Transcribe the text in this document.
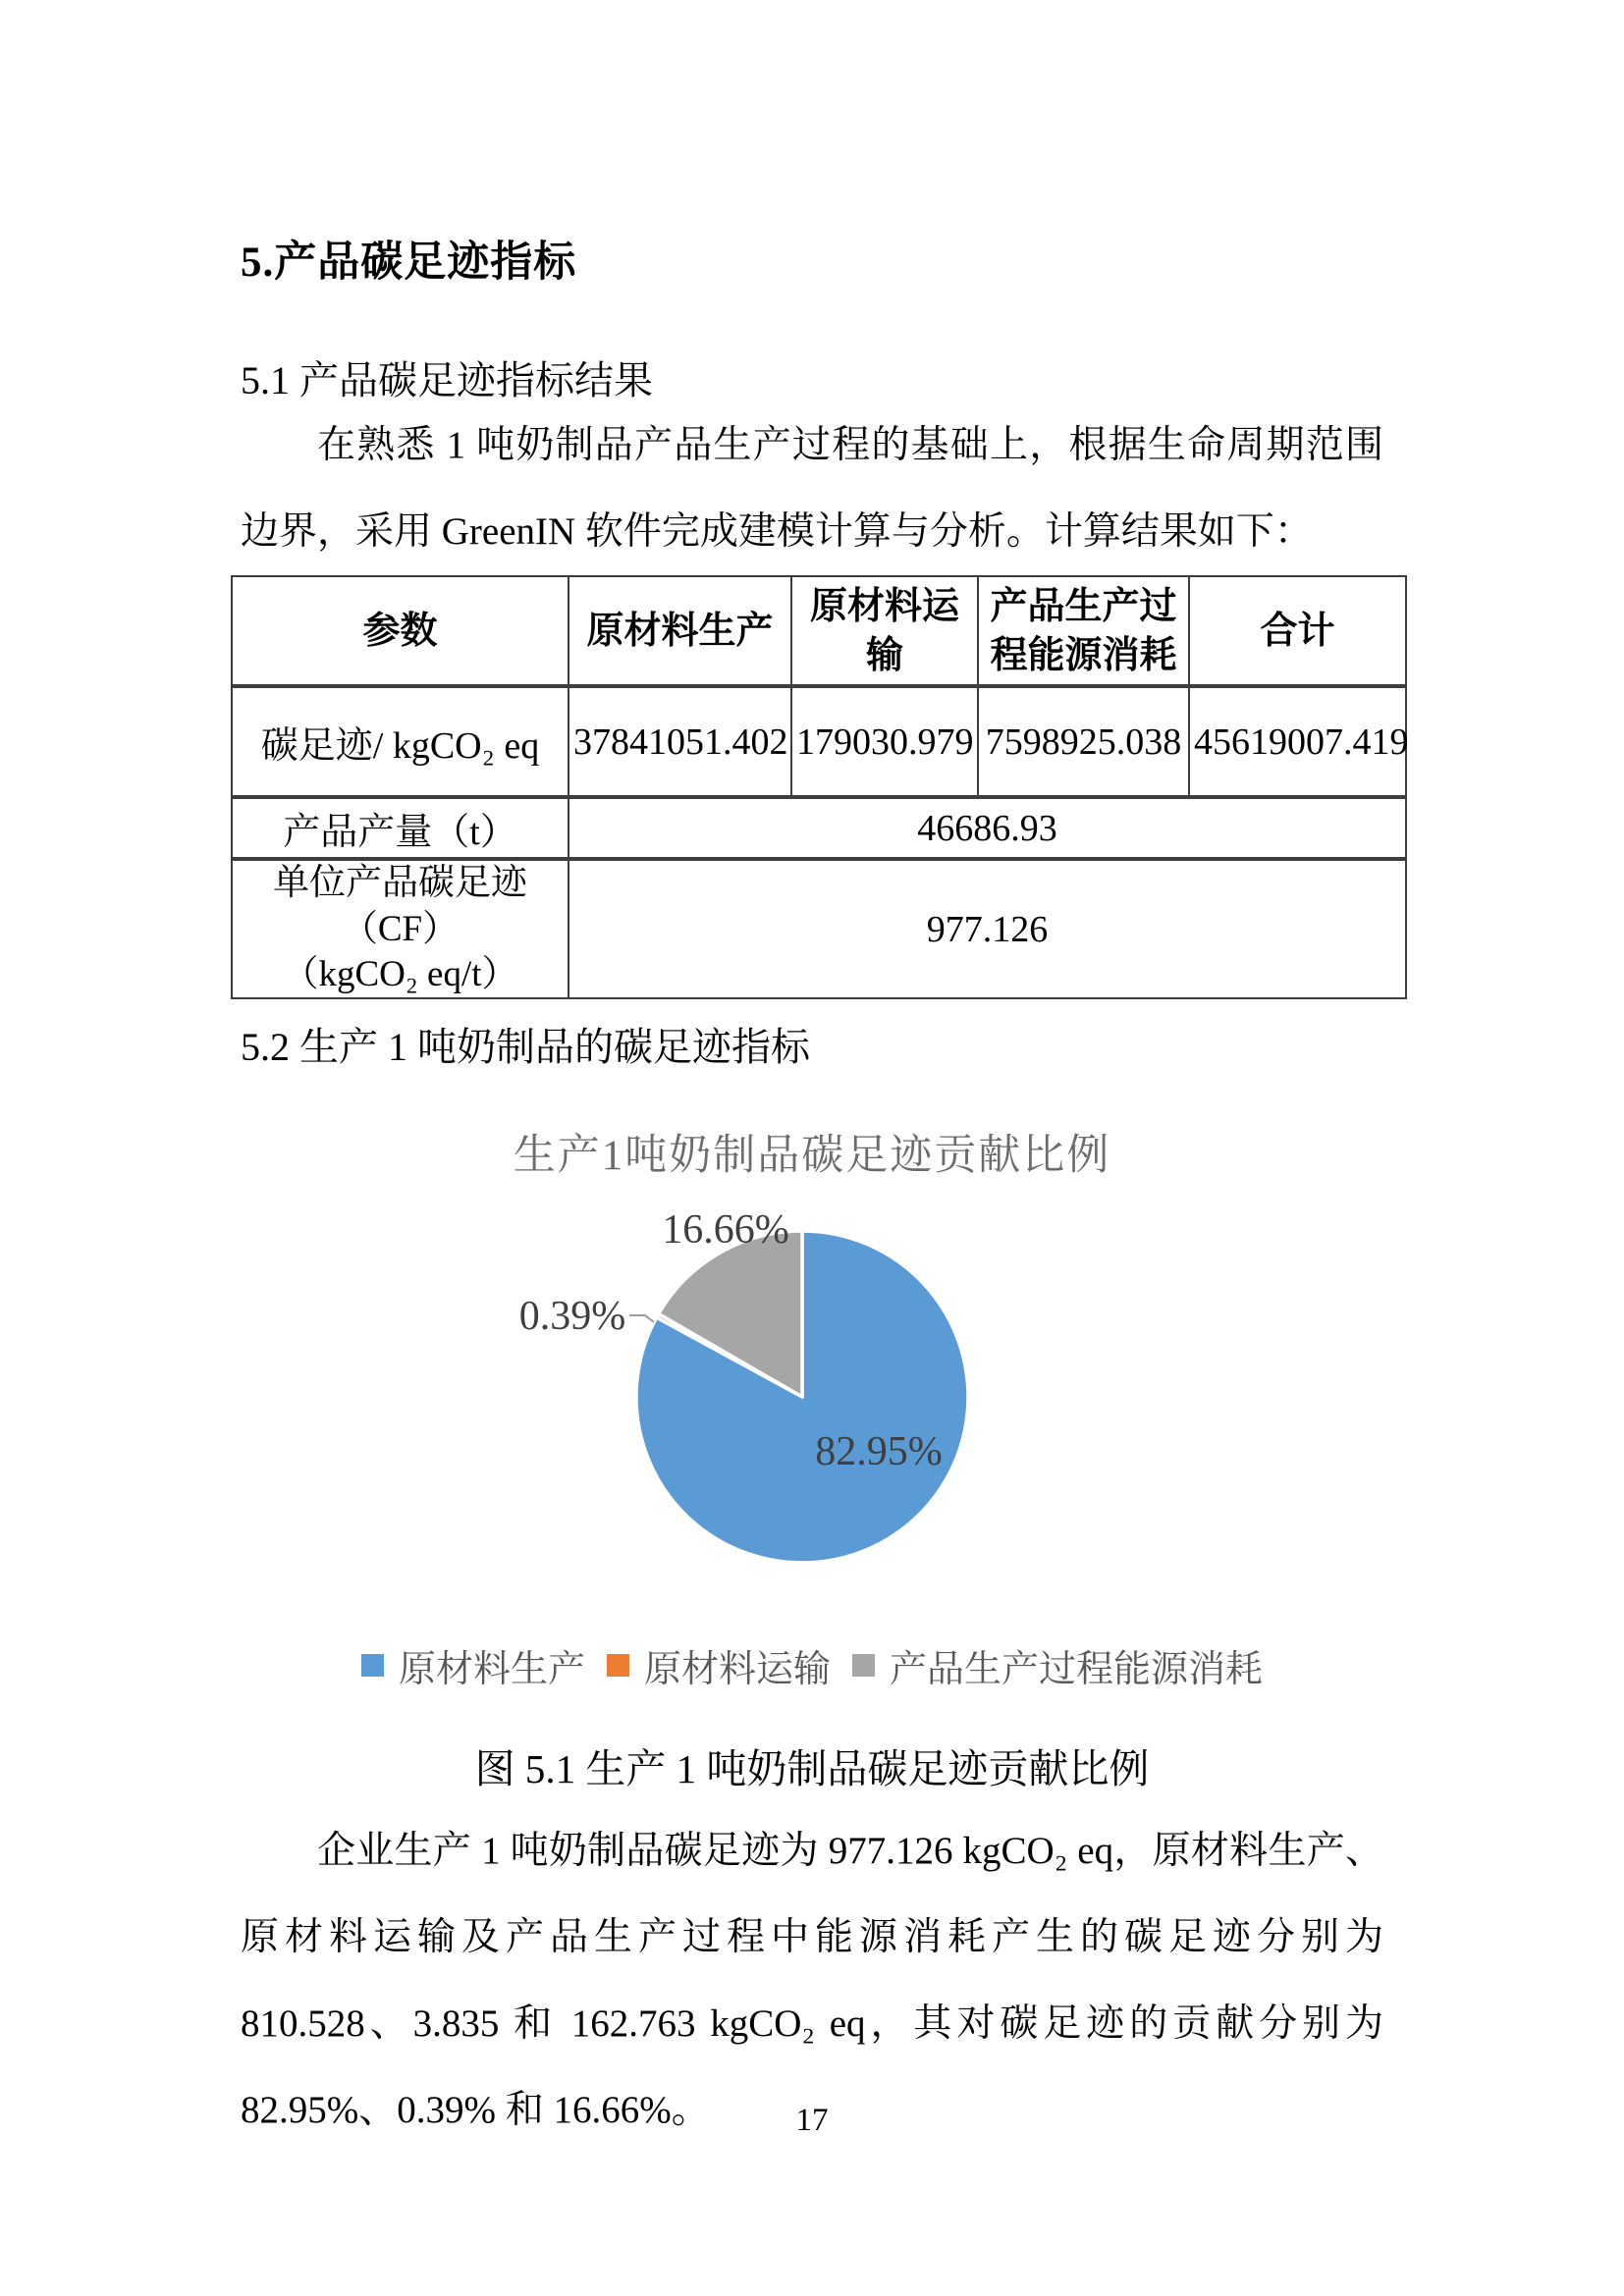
5.产品碳足迹指标
5.1 产品碳足迹指标结果

在熟悉 1 吨奶制品产品生产过程的基础上，根据生命周期范围边界，采用 GreenIN 软件完成建模计算与分析。计算结果如下：

参数	原材料生产	原材料运输	产品生产过程能源消耗	合计
碳足迹/ kgCO₂ eq	37841051.402	179030.979	7598925.038	45619007.419
产品产量（t）	46686.93			

单位产品碳足迹（CF）
（kgCO₂ eq/t）	977.126			
5.2 生产 1 吨奶制品的碳足迹指标
生产1吨奶制品碳足迹贡献比例
82.95%
0.39%
16.66%
原材料生产 原材料运输 产品生产过程能源消耗
图 5.1 生产 1 吨奶制品碳足迹贡献比例

企业生产 1 吨奶制品碳足迹为 977.126 kgCO₂ eq，原材料生产、原材料运输及产品生产过程中能源消耗产生的碳足迹分别为 810.528、3.835 和 162.763 kgCO₂ eq，其对碳足迹的贡献分别为 82.95%、0.39% 和 16.66%。	17
